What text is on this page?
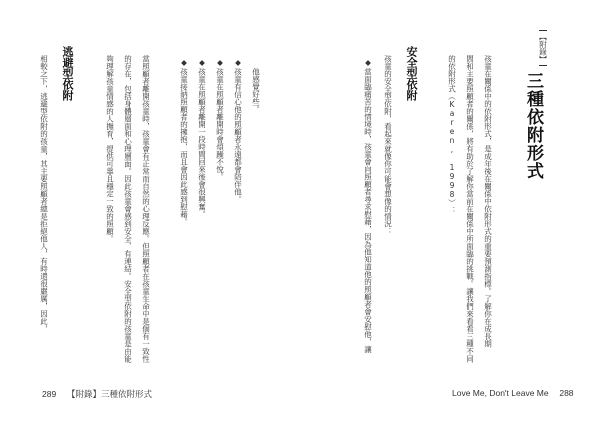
【附錄】
三種依附形式
孩童在關係中的依附形式，是成年後在關係中依附形式的重要預測指標。了解你在成長期
間和主要照顧者的關係，將有助於了解你當前在關係中所面臨的挑戰。讓我們來看看三種不同
的依附形式（Karen, 1998）：
安全型依附
孩童的安全型依附，看起來就像你可能會想像的情況：
◆
當面臨痛苦的情境時，孩童會向照顧者尋求慰藉，因為他知道他的照顧者會安慰他，讓
他感覺好些。
◆
孩童有信心他的照顧者永遠都會陪伴他。
◆
孩童在照顧者離開時會煩躁不悅。
◆
孩童在照顧者離開一段時間回來後會很興奮。
◆
孩童接納照顧者的擁抱，而且會因此感到慰藉。
當照顧者離開孩童時，孩童會有正常而自然的心理反應。但照顧者在孩童生命中是個有一致性
的存在，包括身體層面和心理層面。因此孩童會感到安全、有連結。安全型依附的孩童是由能
夠理解孩童情感的人撫育，提供可靠且穩定一致的照顧。
逃避型依附
相較之下，逃避型依附的孩童，其主要照顧者總是拒絕他人，有時還很嚴厲，因此，
289 【附錄】三種依附形式	Love Me, Don't Leave Me 288
